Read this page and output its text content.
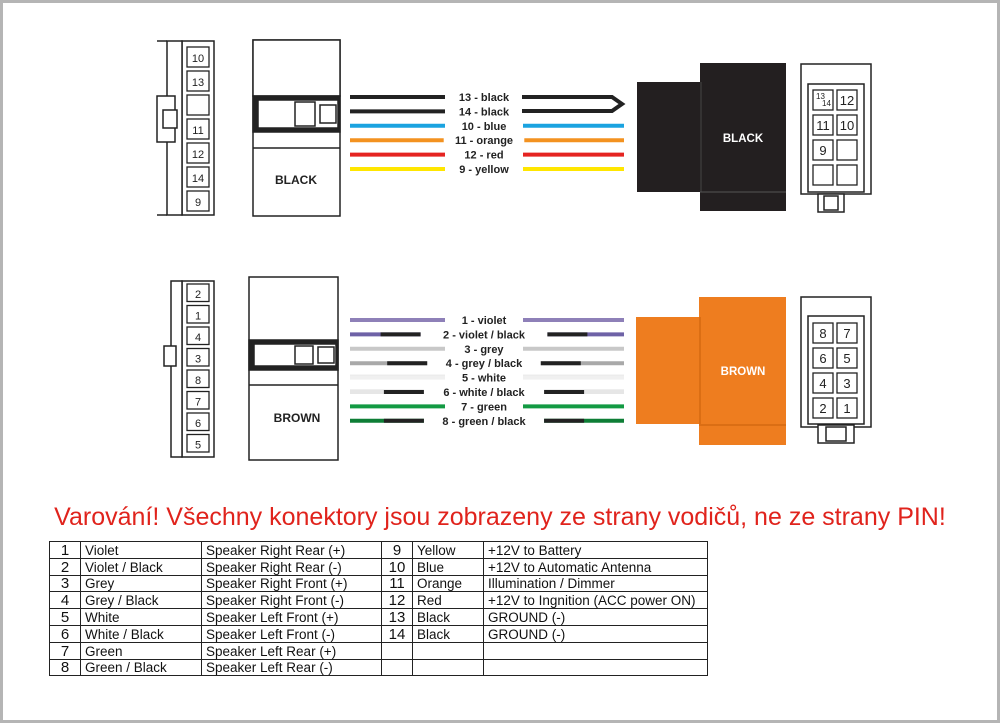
10
13
11
12
14
9
BLACK
13 - black
14 - black
10 - blue
11 - orange
12 - red
9 - yellow
BLACK
13
14 12
11 10
9
2
1
4
3
8
7
6
5
BROWN
1 - violet
2 - violet / black
3 - grey
4 - grey / black
5 - white
6 - white / black
7 - green
8 - green / black
BROWN
8 7
6 5
4 3
2 1
Varování! Všechny konektory jsou zobrazeny ze strany vodičů, ne ze strany PIN!
1	Violet	Speaker Right Rear (+)	9	Yellow	+12V to Battery
2	Violet / Black	Speaker Right Rear (-)	10	Blue	+12V to Automatic Antenna
3	Grey	Speaker Right Front (+)	11	Orange	Illumination / Dimmer
4	Grey / Black	Speaker Right Front (-)	12	Red	+12V to Ingnition (ACC power ON)
5	White	Speaker Left Front (+)	13	Black	GROUND (-)
6	White / Black	Speaker Left Front (-)	14	Black	GROUND (-)
7	Green	Speaker Left Rear (+)			
8	Green / Black	Speaker Left Rear (-)			
